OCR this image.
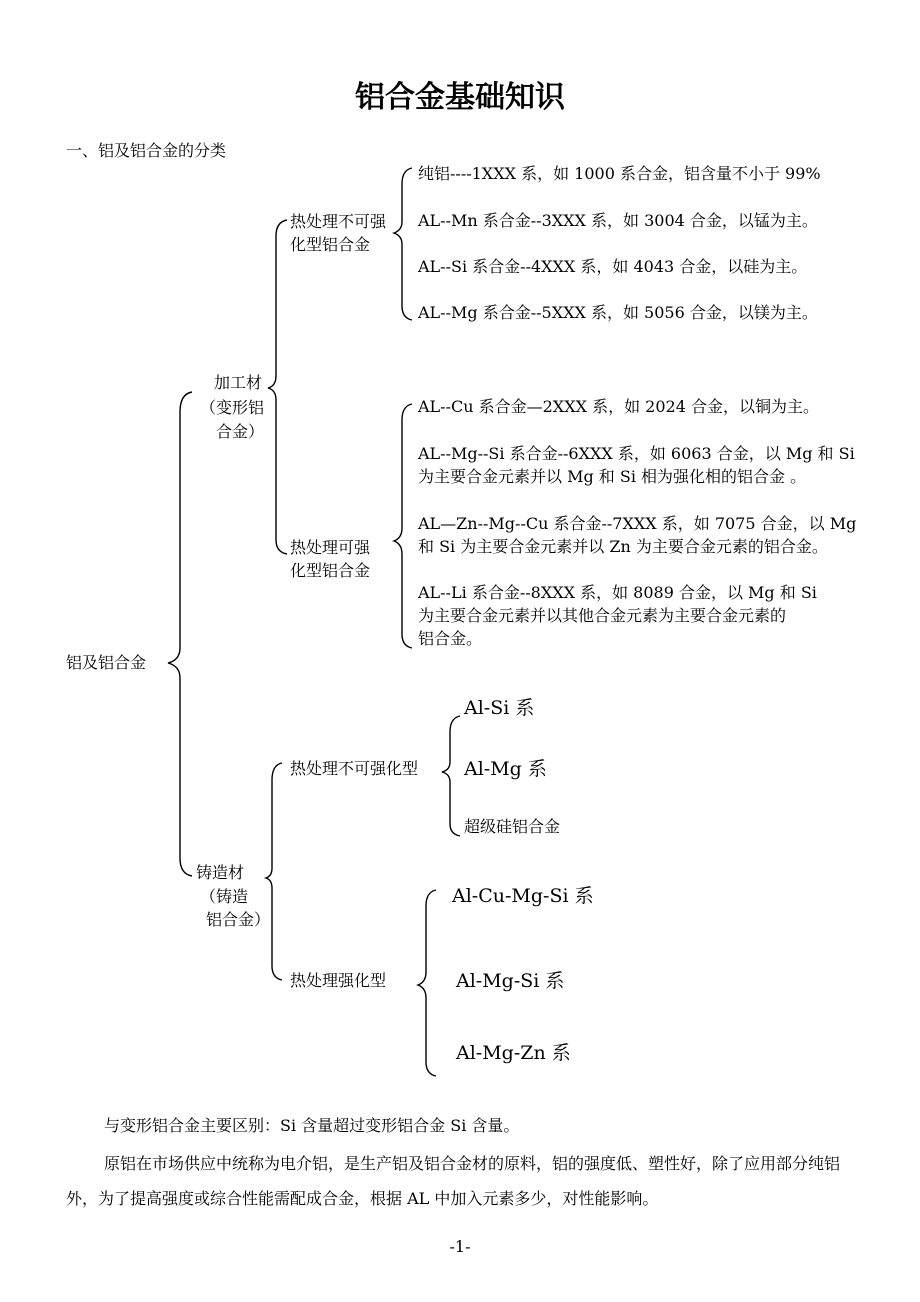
铝合金基础知识
一、铝及铝合金的分类
铝及铝合金
加工材
（变形铝
合金）
热处理不可强
化型铝合金
纯铝----1XXX 系，如 1000 系合金，铝含量不小于 99%
AL--Mn 系合金--3XXX 系，如 3004 合金，以锰为主。
AL--Si 系合金--4XXX 系，如 4043 合金，以硅为主。
AL--Mg 系合金--5XXX 系，如 5056 合金，以镁为主。
热处理可强
化型铝合金
AL--Cu 系合金—2XXX 系，如 2024 合金，以铜为主。
AL--Mg--Si 系合金--6XXX 系，如 6063 合金，以 Mg 和 Si
为主要合金元素并以 Mg 和 Si 相为强化相的铝合金 。
AL—Zn--Mg--Cu 系合金--7XXX 系，如 7075 合金，以 Mg
和 Si 为主要合金元素并以 Zn 为主要合金元素的铝合金。
AL--Li 系合金--8XXX 系，如 8089 合金，以 Mg 和 Si
为主要合金元素并以其他合金元素为主要合金元素的
铝合金。
铸造材
（铸造
铝合金）
热处理不可强化型
Al-Si 系
Al-Mg 系
超级硅铝合金
热处理强化型
Al-Cu-Mg-Si 系
Al-Mg-Si 系
Al-Mg-Zn 系
与变形铝合金主要区别：Si 含量超过变形铝合金 Si 含量。
原铝在市场供应中统称为电介铝，是生产铝及铝合金材的原料，铝的强度低、塑性好，除了应用部分纯铝外，为了提高强度或综合性能需配成合金，根据 AL 中加入元素多少，对性能影响。
-1-
